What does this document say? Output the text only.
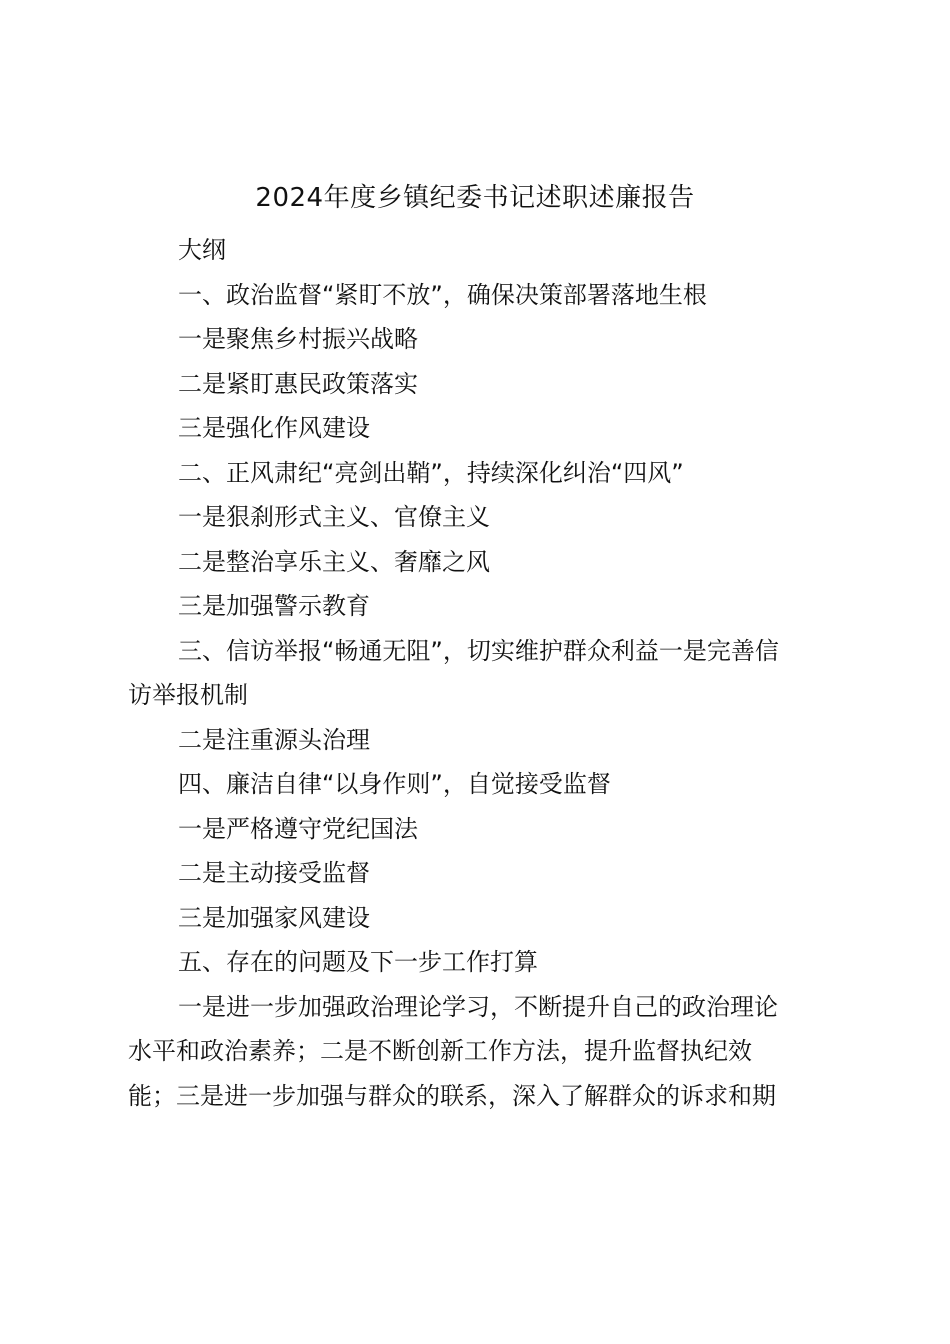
2024年度乡镇纪委书记述职述廉报告

大纲

一、政治监督“紧盯不放”，确保决策部署落地生根

一是聚焦乡村振兴战略

二是紧盯惠民政策落实

三是强化作风建设

二、正风肃纪“亮剑出鞘”，持续深化纠治“四风”

一是狠刹形式主义、官僚主义

二是整治享乐主义、奢靡之风

三是加强警示教育

三、信访举报“畅通无阻”，切实维护群众利益一是完善信

访举报机制

二是注重源头治理

四、廉洁自律“以身作则”，自觉接受监督

一是严格遵守党纪国法

二是主动接受监督

三是加强家风建设

五、存在的问题及下一步工作打算

一是进一步加强政治理论学习，不断提升自己的政治理论

水平和政治素养；二是不断创新工作方法，提升监督执纪效

能；三是进一步加强与群众的联系，深入了解群众的诉求和期
